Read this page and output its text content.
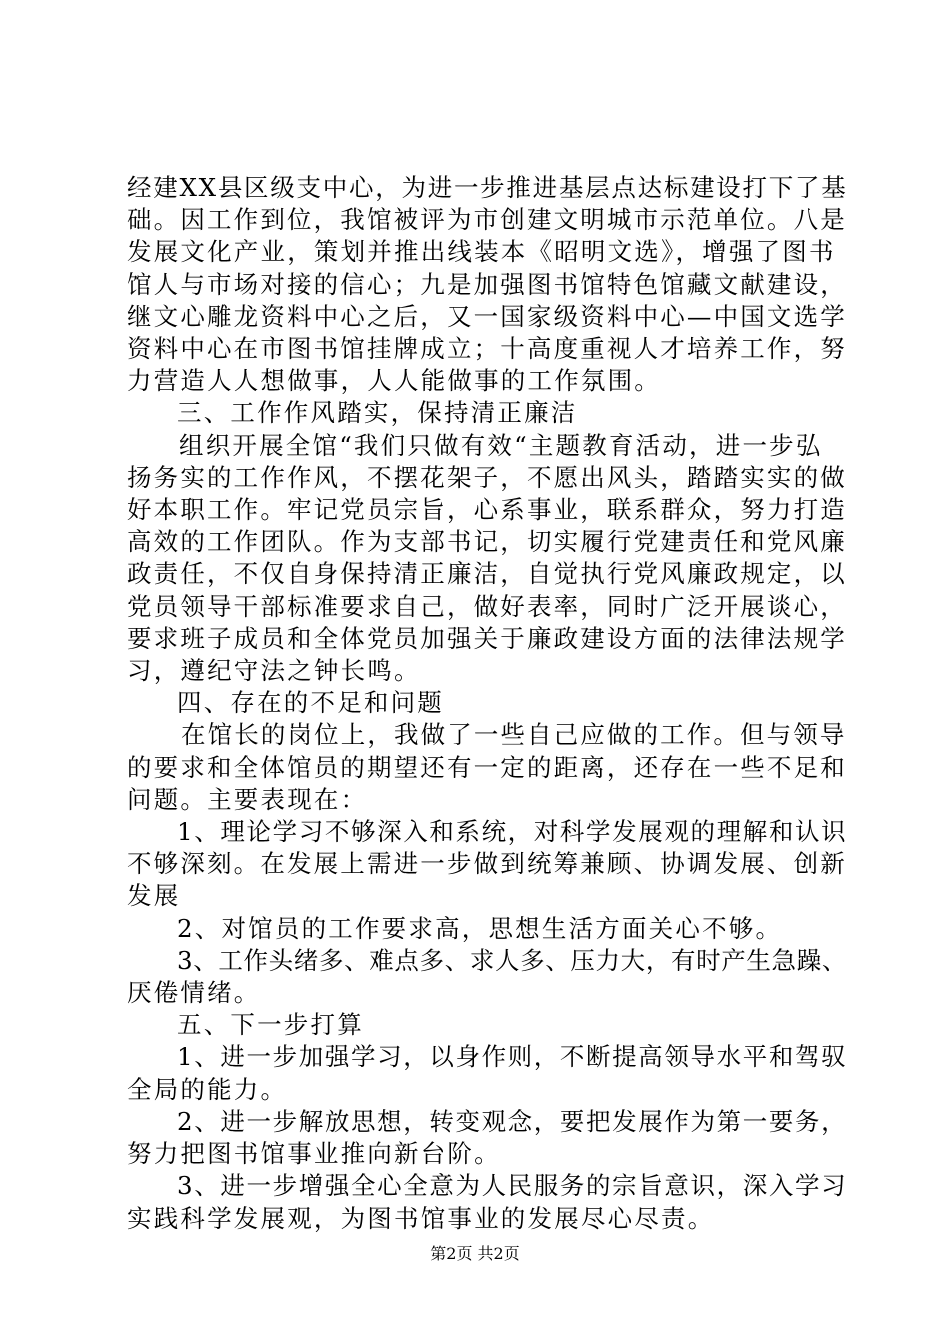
经建XX县区级支中心，为进一步推进基层点达标建设打下了基
础。因工作到位，我馆被评为市创建文明城市示范单位。八是
发展文化产业，策划并推出线装本《昭明文选》，增强了图书
馆人与市场对接的信心；九是加强图书馆特色馆藏文献建设，
继文心雕龙资料中心之后，又一国家级资料中心—中国文选学
资料中心在市图书馆挂牌成立；十高度重视人才培养工作，努
力营造人人想做事，人人能做事的工作氛围。
三、工作作风踏实，保持清正廉洁
组织开展全馆“我们只做有效“主题教育活动，进一步弘
扬务实的工作作风，不摆花架子，不愿出风头，踏踏实实的做
好本职工作。牢记党员宗旨，心系事业，联系群众，努力打造
高效的工作团队。作为支部书记，切实履行党建责任和党风廉
政责任，不仅自身保持清正廉洁，自觉执行党风廉政规定，以
党员领导干部标准要求自己，做好表率，同时广泛开展谈心，
要求班子成员和全体党员加强关于廉政建设方面的法律法规学
习，遵纪守法之钟长鸣。
四、存在的不足和问题
在馆长的岗位上，我做了一些自己应做的工作。但与领导
的要求和全体馆员的期望还有一定的距离，还存在一些不足和
问题。主要表现在：
1、理论学习不够深入和系统，对科学发展观的理解和认识
不够深刻。在发展上需进一步做到统筹兼顾、协调发展、创新
发展
2、对馆员的工作要求高，思想生活方面关心不够。
3、工作头绪多、难点多、求人多、压力大，有时产生急躁、
厌倦情绪。
五、下一步打算
1、进一步加强学习，以身作则，不断提高领导水平和驾驭
全局的能力。
2、进一步解放思想，转变观念，要把发展作为第一要务，
努力把图书馆事业推向新台阶。
3、进一步增强全心全意为人民服务的宗旨意识，深入学习
实践科学发展观，为图书馆事业的发展尽心尽责。
第2页 共2页
